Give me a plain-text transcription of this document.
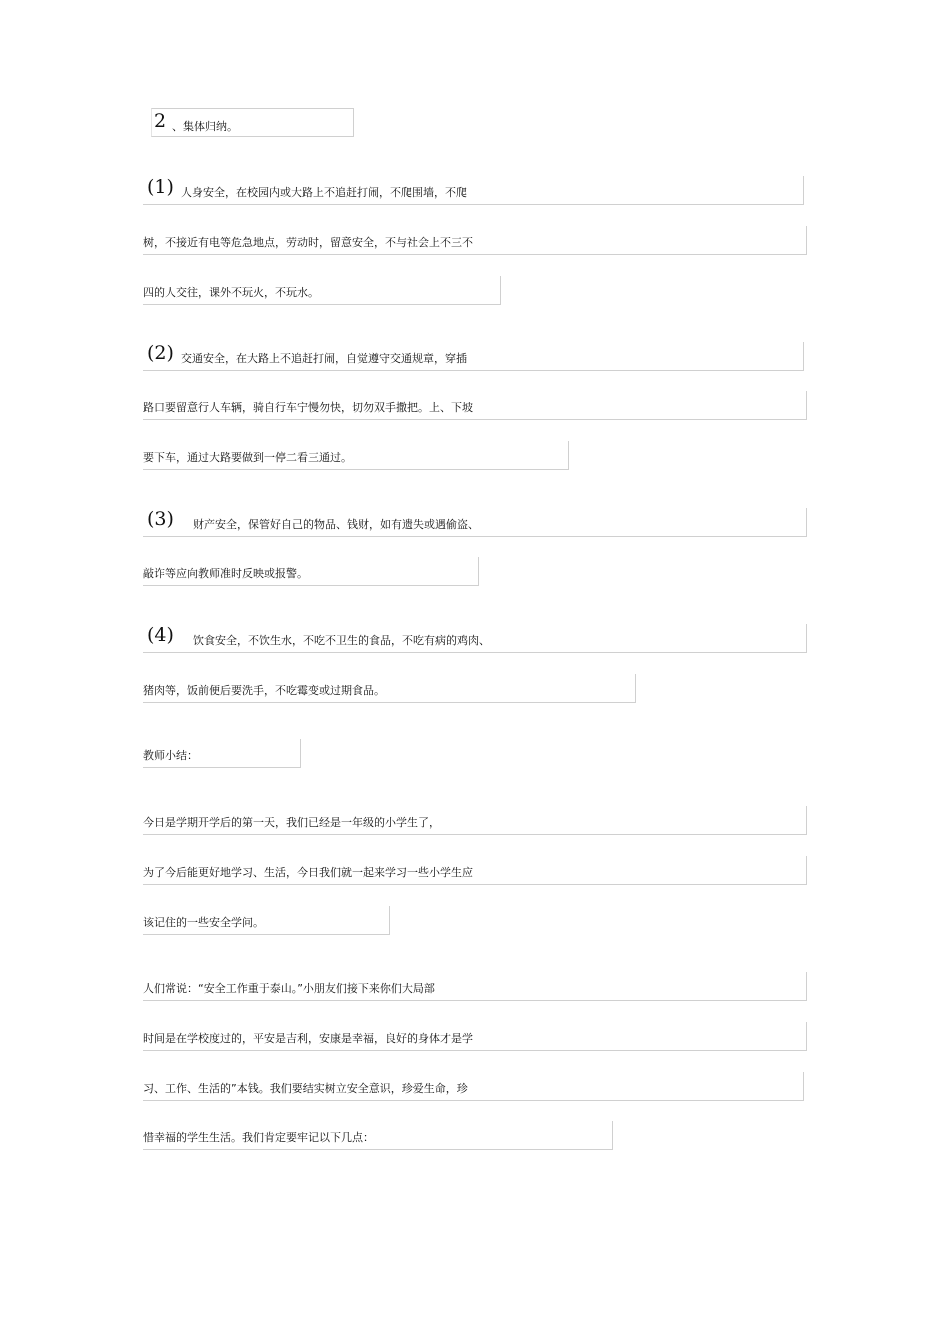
2 、集体归纳。
(1) 人身安全，在校园内或大路上不追赶打闹，不爬围墙，不爬
树，不接近有电等危急地点，劳动时，留意安全，不与社会上不三不
四的人交往，课外不玩火，不玩水。
(2) 交通安全，在大路上不追赶打闹，自觉遵守交通规章，穿插
路口要留意行人车辆，骑自行车宁慢勿快，切勿双手撒把。上、下坡
要下车，通过大路要做到一停二看三通过。
(3) 财产安全，保管好自己的物品、钱财，如有遗失或遇偷盗、
敲诈等应向教师准时反映或报警。
(4) 饮食安全，不饮生水，不吃不卫生的食品，不吃有病的鸡肉、
猪肉等，饭前便后要洗手，不吃霉变或过期食品。
教师小结：
今日是学期开学后的第一天，我们已经是一年级的小学生了，
为了今后能更好地学习、生活，今日我们就一起来学习一些小学生应
该记住的一些安全学问。
人们常说：“安全工作重于泰山。”小朋友们接下来你们大局部
时间是在学校度过的，平安是吉利，安康是幸福，良好的身体才是学
习、工作、生活的”本钱。我们要结实树立安全意识，珍爱生命，珍
惜幸福的学生生活。我们肯定要牢记以下几点：
